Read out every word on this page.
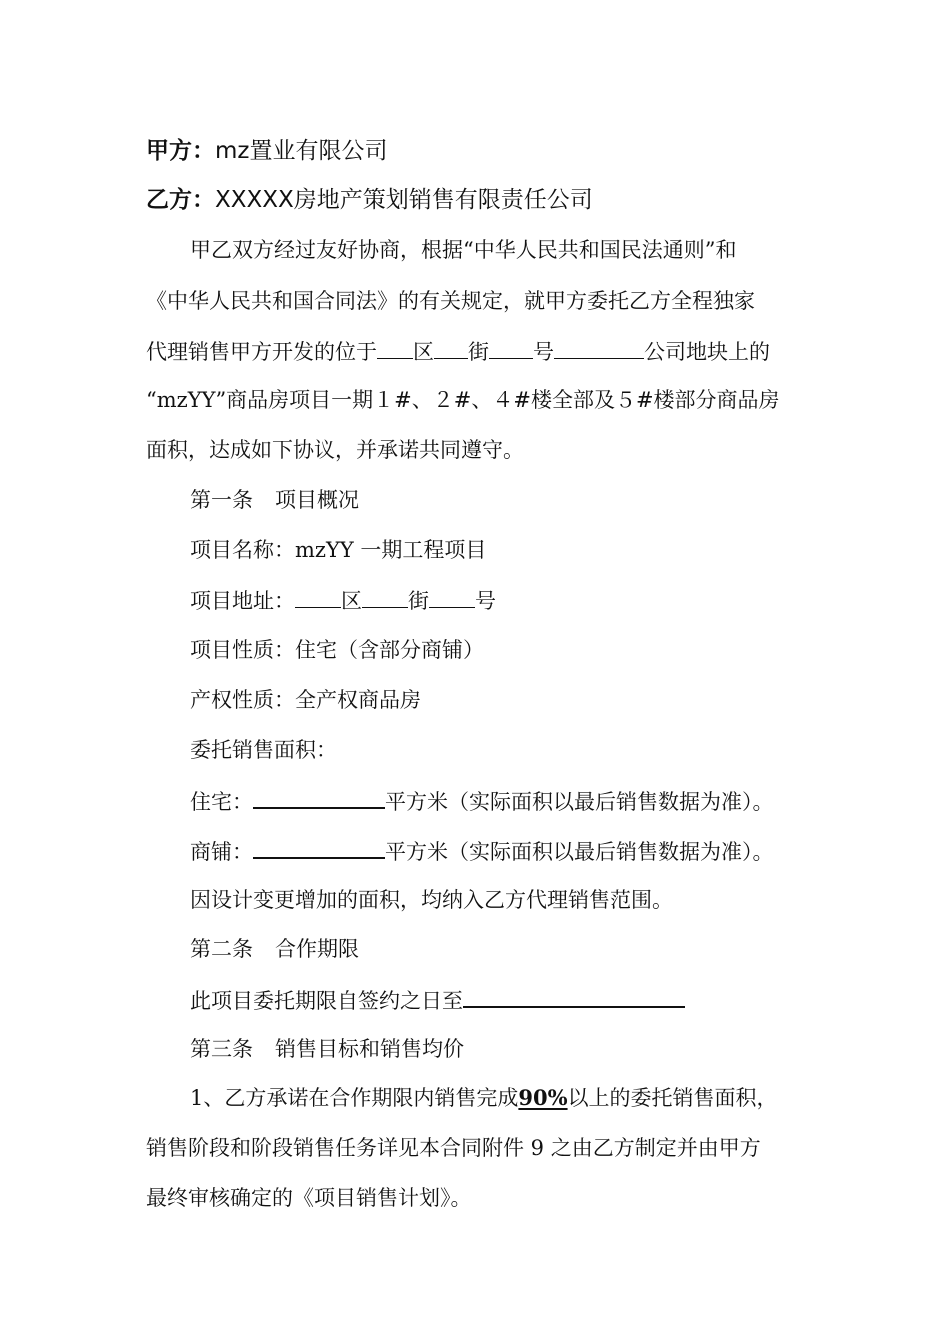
甲方：mz置业有限公司
乙方：XXXXX房地产策划销售有限责任公司
甲乙双方经过友好协商，根据“中华人民共和国民法通则”和
《中华人民共和国合同法》的有关规定，就甲方委托乙方全程独家
代理销售甲方开发的位于 区 街 号	公司地块上的
“mzYY”商品房项目一期１#、２#、４#楼全部及５#楼部分商品房
面积，达成如下协议，并承诺共同遵守。
第一条 项目概况
项目名称：mzYY 一期工程项目
项目地址： 区 街 号
项目性质：住宅（含部分商铺）
产权性质：全产权商品房
委托销售面积：
住宅：	平方米（实际面积以最后销售数据为准）。
商铺：	平方米（实际面积以最后销售数据为准）。
因设计变更增加的面积，均纳入乙方代理销售范围。
第二条 合作期限
此项目委托期限自签约之日至
第三条 销售目标和销售均价
1、乙方承诺在合作期限内销售完成90%以上的委托销售面积，
销售阶段和阶段销售任务详见本合同附件 9 之由乙方制定并由甲方
最终审核确定的《项目销售计划》。
